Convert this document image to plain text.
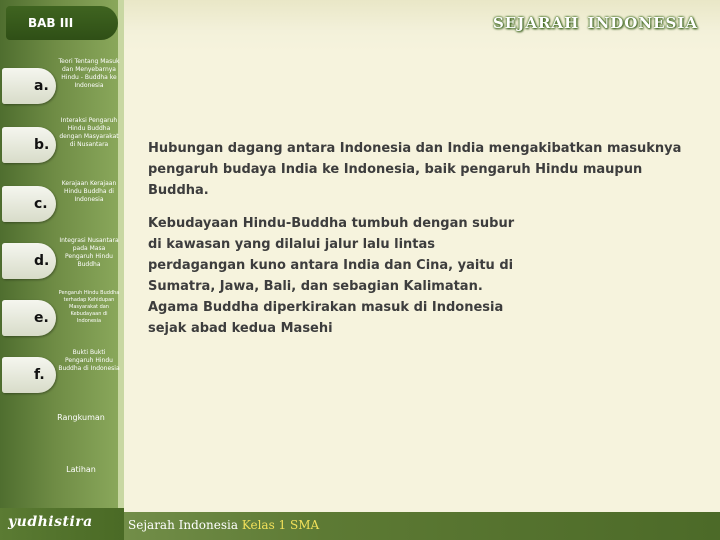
sejarah indonesia
BAB III
a.
Teori Tentang Masuk dan Menyebarnya Hindu - Buddha ke Indonesia
b.
Interaksi Pengaruh Hindu Buddha dengan Masyarakat di Nusantara
c.
Kerajaan Kerajaan Hindu Buddha di Indonesia
d.
Integrasi Nusantara pada Masa Pengaruh Hindu Buddha
e.
Pengaruh Hindu Buddha terhadap Kehidupan Masyarakat dan Kebudayaan di Indonesia
f.
Bukti Bukti Pengaruh Hindu Buddha di Indonesia
Rangkuman
Latihan

Hubungan dagang antara Indonesia dan India mengakibatkan masuknya pengaruh budaya India ke Indonesia, baik pengaruh Hindu maupun Buddha.

Kebudayaan Hindu-Buddha tumbuh dengan subur di kawasan yang dilalui jalur lalu lintas perdagangan kuno antara India dan Cina, yaitu di Sumatra, Jawa, Bali, dan sebagian Kalimatan. Agama Buddha diperkirakan masuk di Indonesia sejak abad kedua Masehi

yudhistira	Sejarah Indonesia Kelas 1 SMA
